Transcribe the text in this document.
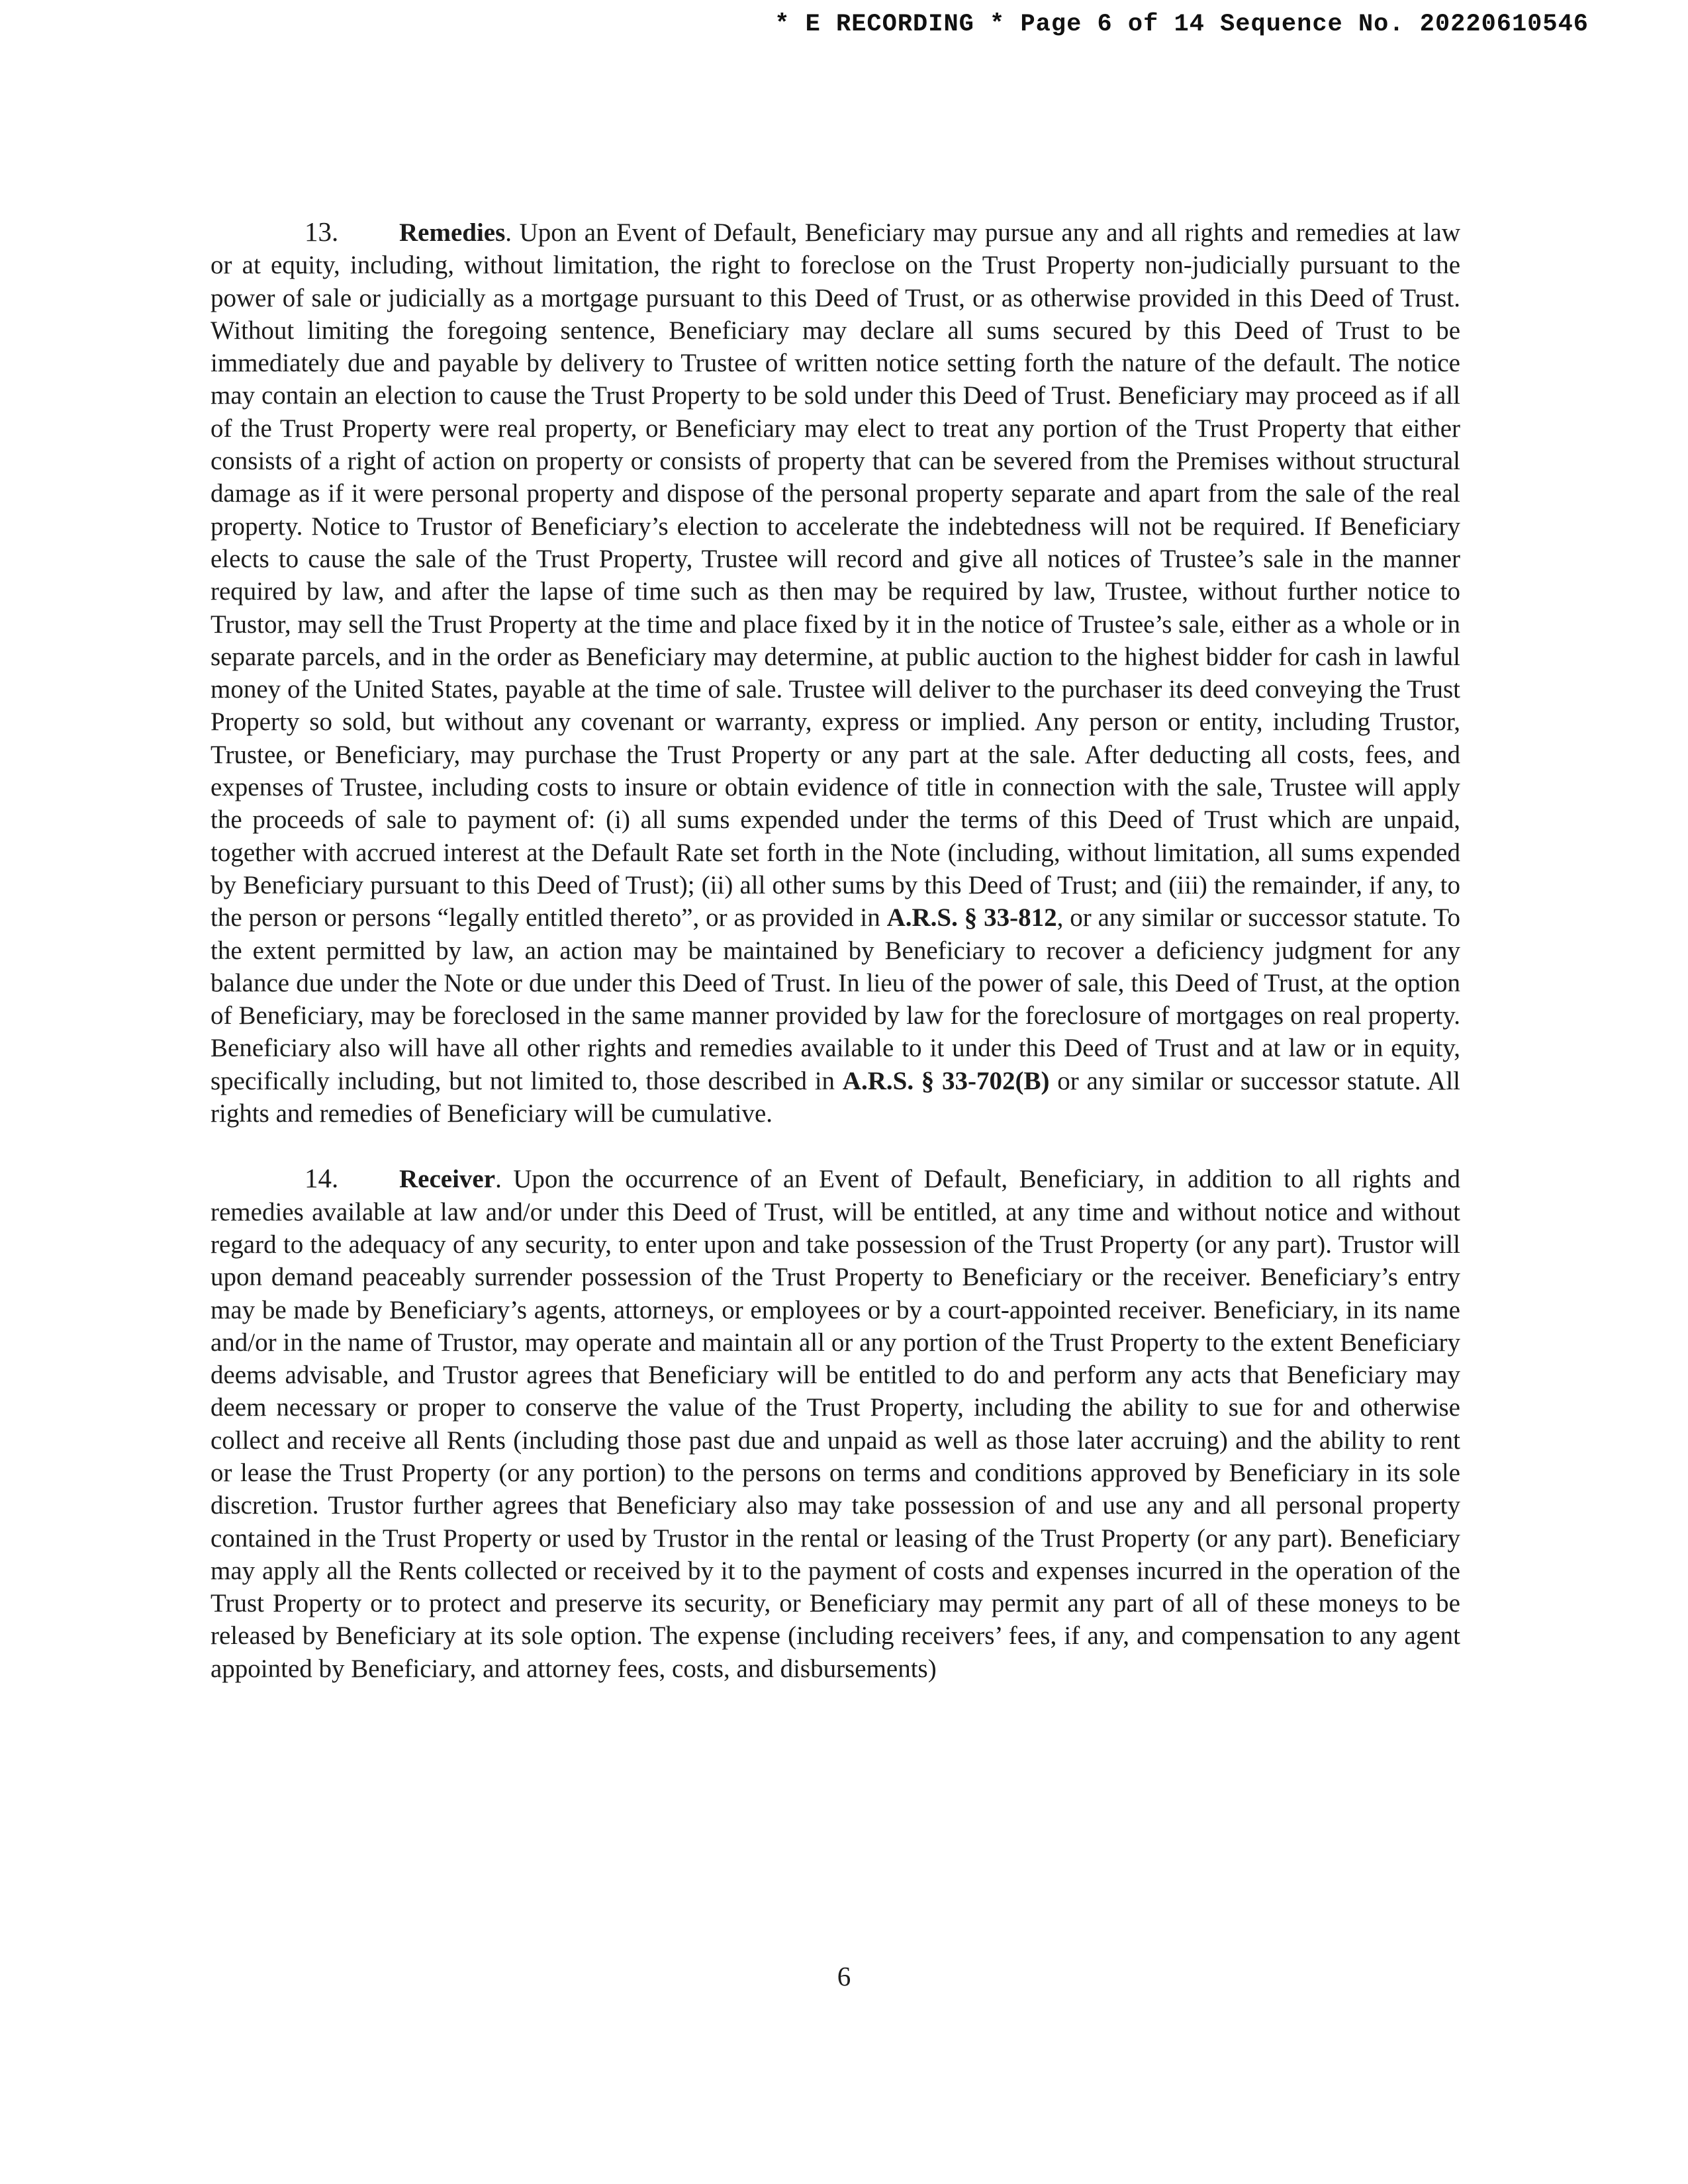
* E RECORDING * Page 6 of 14 Sequence No. 20220610546

13. Remedies. Upon an Event of Default, Beneficiary may pursue any and all rights and remedies at law or at equity, including, without limitation, the right to foreclose on the Trust Property non-judicially pursuant to the power of sale or judicially as a mortgage pursuant to this Deed of Trust, or as otherwise provided in this Deed of Trust. Without limiting the foregoing sentence, Beneficiary may declare all sums secured by this Deed of Trust to be immediately due and payable by delivery to Trustee of written notice setting forth the nature of the default. The notice may contain an election to cause the Trust Property to be sold under this Deed of Trust. Beneficiary may proceed as if all of the Trust Property were real property, or Beneficiary may elect to treat any portion of the Trust Property that either consists of a right of action on property or consists of property that can be severed from the Premises without structural damage as if it were personal property and dispose of the personal property separate and apart from the sale of the real property. Notice to Trustor of Beneficiary’s election to accelerate the indebtedness will not be required. If Beneficiary elects to cause the sale of the Trust Property, Trustee will record and give all notices of Trustee’s sale in the manner required by law, and after the lapse of time such as then may be required by law, Trustee, without further notice to Trustor, may sell the Trust Property at the time and place fixed by it in the notice of Trustee’s sale, either as a whole or in separate parcels, and in the order as Beneficiary may determine, at public auction to the highest bidder for cash in lawful money of the United States, payable at the time of sale. Trustee will deliver to the purchaser its deed conveying the Trust Property so sold, but without any covenant or warranty, express or implied. Any person or entity, including Trustor, Trustee, or Beneficiary, may purchase the Trust Property or any part at the sale. After deducting all costs, fees, and expenses of Trustee, including costs to insure or obtain evidence of title in connection with the sale, Trustee will apply the proceeds of sale to payment of: (i) all sums expended under the terms of this Deed of Trust which are unpaid, together with accrued interest at the Default Rate set forth in the Note (including, without limitation, all sums expended by Beneficiary pursuant to this Deed of Trust); (ii) all other sums by this Deed of Trust; and (iii) the remainder, if any, to the person or persons “legally entitled thereto”, or as provided in A.R.S. § 33-812, or any similar or successor statute. To the extent permitted by law, an action may be maintained by Beneficiary to recover a deficiency judgment for any balance due under the Note or due under this Deed of Trust. In lieu of the power of sale, this Deed of Trust, at the option of Beneficiary, may be foreclosed in the same manner provided by law for the foreclosure of mortgages on real property. Beneficiary also will have all other rights and remedies available to it under this Deed of Trust and at law or in equity, specifically including, but not limited to, those described in A.R.S. § 33-702(B) or any similar or successor statute. All rights and remedies of Beneficiary will be cumulative.

14. Receiver. Upon the occurrence of an Event of Default, Beneficiary, in addition to all rights and remedies available at law and/or under this Deed of Trust, will be entitled, at any time and without notice and without regard to the adequacy of any security, to enter upon and take possession of the Trust Property (or any part). Trustor will upon demand peaceably surrender possession of the Trust Property to Beneficiary or the receiver. Beneficiary’s entry may be made by Beneficiary’s agents, attorneys, or employees or by a court-appointed receiver. Beneficiary, in its name and/or in the name of Trustor, may operate and maintain all or any portion of the Trust Property to the extent Beneficiary deems advisable, and Trustor agrees that Beneficiary will be entitled to do and perform any acts that Beneficiary may deem necessary or proper to conserve the value of the Trust Property, including the ability to sue for and otherwise collect and receive all Rents (including those past due and unpaid as well as those later accruing) and the ability to rent or lease the Trust Property (or any portion) to the persons on terms and conditions approved by Beneficiary in its sole discretion. Trustor further agrees that Beneficiary also may take possession of and use any and all personal property contained in the Trust Property or used by Trustor in the rental or leasing of the Trust Property (or any part). Beneficiary may apply all the Rents collected or received by it to the payment of costs and expenses incurred in the operation of the Trust Property or to protect and preserve its security, or Beneficiary may permit any part of all of these moneys to be released by Beneficiary at its sole option. The expense (including receivers’ fees, if any, and compensation to any agent appointed by Beneficiary, and attorney fees, costs, and disbursements)

6
